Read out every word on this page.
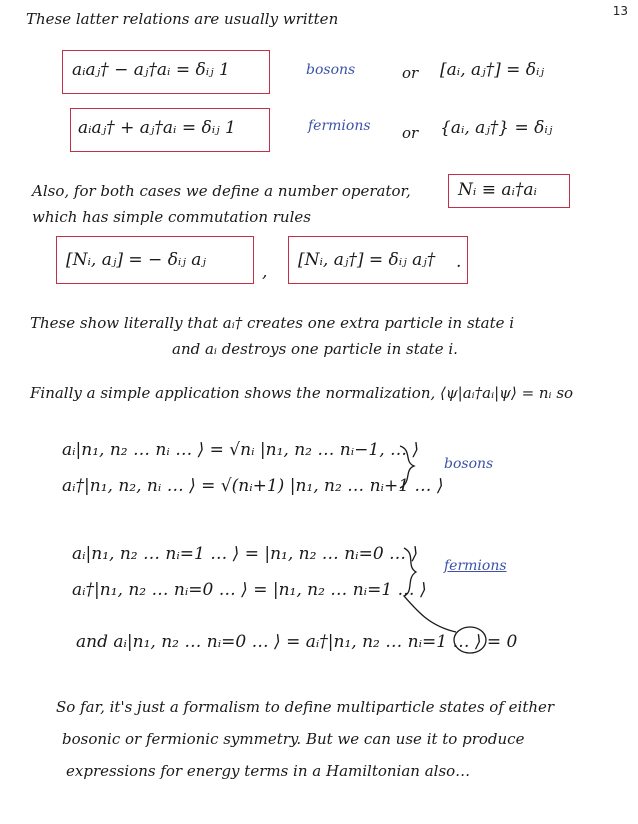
13
These latter relations are usually written
aᵢaⱼ† − aⱼ†aᵢ = δᵢⱼ 1	bosons	or [aᵢ, aⱼ†] = δᵢⱼ
aᵢaⱼ† + aⱼ†aᵢ = δᵢⱼ 1	fermions or {aᵢ, aⱼ†} = δᵢⱼ
Also, for both cases we define a number operator,	Nᵢ ≡ aᵢ†aᵢ
which has simple commutation rules
[Nᵢ, aⱼ] = − δᵢⱼ aⱼ
,
[Nᵢ, aⱼ†] = δᵢⱼ aⱼ† .
These show literally that aᵢ† creates one extra particle in state i
and aᵢ destroys one particle in state i.
Finally a simple application shows the normalization, ⟨ψ|aᵢ†aᵢ|ψ⟩ = nᵢ so
aᵢ|n₁, n₂ … nᵢ … ⟩ = √nᵢ |n₁, n₂ … nᵢ−1, … ⟩
aᵢ†|n₁, n₂, nᵢ … ⟩ = √(nᵢ+1) |n₁, n₂ … nᵢ+1 … ⟩
bosons
aᵢ|n₁, n₂ … nᵢ=1 … ⟩ = |n₁, n₂ … nᵢ=0 … ⟩
aᵢ†|n₁, n₂ … nᵢ=0 … ⟩ = |n₁, n₂ … nᵢ=1 … ⟩
fermions
and aᵢ|n₁, n₂ … nᵢ=0 … ⟩ = aᵢ†|n₁, n₂ … nᵢ=1 … ⟩ = 0
So far, it's just a formalism to define multiparticle states of either
bosonic or fermionic symmetry. But we can use it to produce
expressions for energy terms in a Hamiltonian also…
